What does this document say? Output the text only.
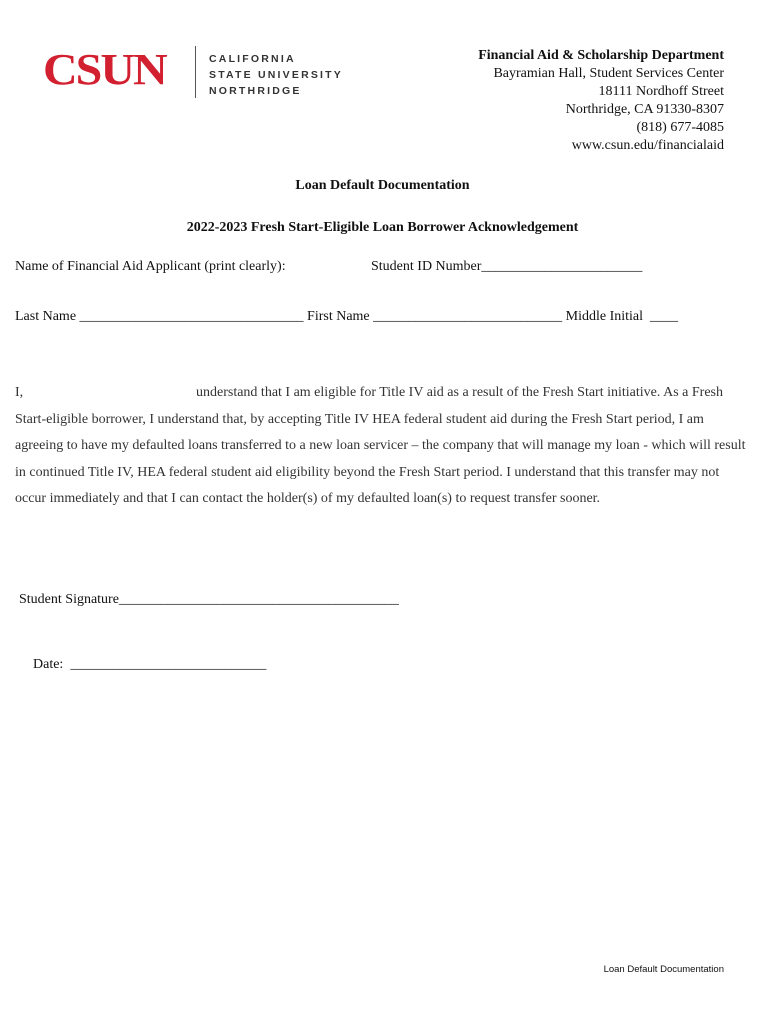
CSUN	CALIFORNIA
STATE UNIVERSITY
NORTHRIDGE
Financial Aid & Scholarship Department
Bayramian Hall, Student Services Center
18111 Nordhoff Street
Northridge, CA 91330-8307
(818) 677-4085
www.csun.edu/financialaid
Loan Default Documentation
2022-2023 Fresh Start-Eligible Loan Borrower Acknowledgement
Name of Financial Aid Applicant (print clearly):	Student ID Number_______________________
Last Name ________________________________ First Name ___________________________ Middle Initial  ____

I,	understand that I am eligible for Title IV aid as a result of the Fresh Start initiative. As a Fresh Start-eligible borrower, I understand that, by accepting Title IV HEA federal student aid during the Fresh Start period, I am agreeing to have my defaulted loans transferred to a new loan servicer – the company that will manage my loan - which will result in continued Title IV, HEA federal student aid eligibility beyond the Fresh Start period. I understand that this transfer may not occur immediately and that I can contact the holder(s) of my defaulted loan(s) to request transfer sooner.

Student Signature________________________________________
Date:  ____________________________
Loan Default Documentation
